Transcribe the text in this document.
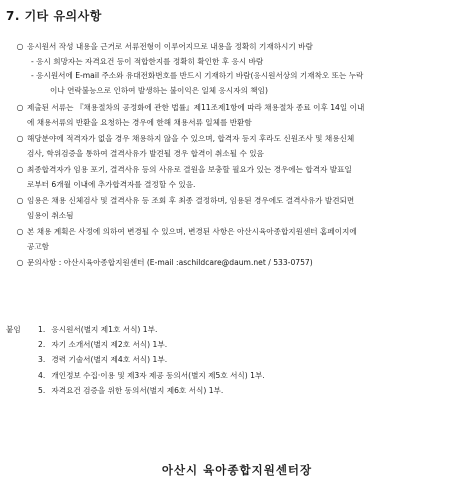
7. 기타 유의사항
○ 응시원서 작성 내용을 근거로 서류전형이 이루어지므로 내용을 정확히 기재하시기 바람
- 응시 희망자는 자격요건 등이 적합한지를 정확히 확인한 후 응시 바람
- 응시원서에 E-mail 주소와 유대전화번호를 반드시 기재하기 바람(응시원서상의 기재착오 또는 누락
이나 연락불능으로 인하여 발생하는 불이익은 일체 응시자의 책임)
○ 제출된 서류는 『채용절차의 공정화에 관한 법률』제11조제1항에 따라 채용절차 종료 이후 14일 이내
에 채용서류의 반환을 요청하는 경우에 한해 채용서류 일체를 반환함
○ 해당분야에 적격자가 없을 경우 채용하지 않을 수 있으며, 합격자 등지 후라도 신원조사 및 채용신체
검사, 학위검증을 통하여 결격사유가 발견될 경우 합격이 취소될 수 있음
○ 최종합격자가 임용 포기, 결격사유 등의 사유로 결원을 보충할 필요가 있는 경우에는 합격자 발표일
로부터 6개월 이내에 추가합격자를 결정할 수 있음.
○ 임용은 채용 신체검사 및 결격사유 등 조회 후 최종 결정하며, 임용된 경우에도 결격사유가 발견되면
임용이 취소됨
○ 본 채용 계획은 사정에 의하여 변경될 수 있으며, 변경된 사항은 아산시육아종합지원센터 홈페이지에
공고함
○ 문의사항 : 아산시육아종합지원센터 (E-mail :aschildcare@daum.net / 533-0757)
붙임 1. 응시원서(별지 제1호 서식) 1부.
2. 자기 소개서(별지 제2호 서식) 1부.
3. 경력 기술서(별지 제4호 서식) 1부.
4. 개인정보 수집·이용 및 제3자 제공 동의서(별지 제5호 서식) 1부.
5. 자격요건 검증을 위한 동의서(별지 제6호 서식) 1부.
아산시 육아종합지원센터장
